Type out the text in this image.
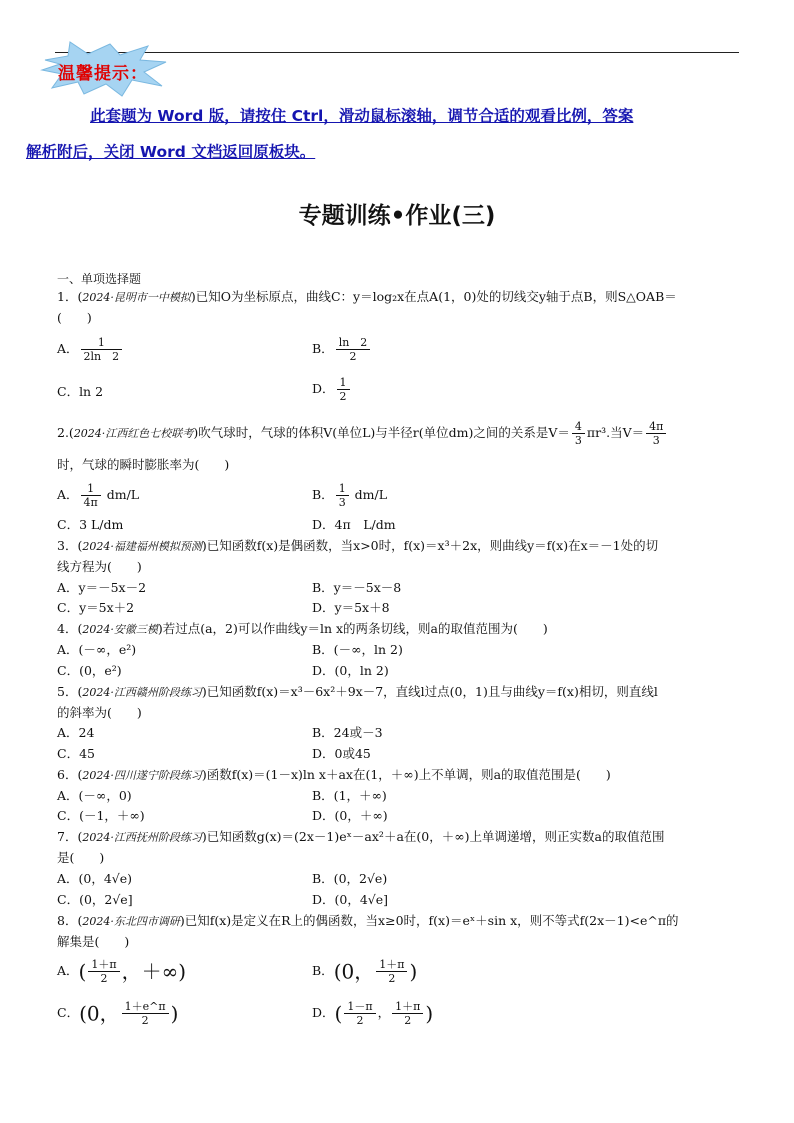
温馨提示：
此套题为 Word 版，请按住 Ctrl，滑动鼠标滚轴，调节合适的观看比例，答案
解析附后，关闭 Word 文档返回原板块。
专题训练•作业(三)
一、单项选择题
1．(2024·昆明市一中模拟)已知O为坐标原点，曲线C：y＝log₂x在点A(1，0)处的切线交y轴于点B，则S△OAB＝
(　　)
A． $\frac{1}{2\ln 2}$	B． $\frac{\ln 2}{2}$
C．ln 2	D． $\frac{1}{2}$
2.(2024·江西红色七校联考)吹气球时，气球的体积V(单位L)与半径r(单位dm)之间的关系是$V= \frac{4}{3} \pi r^3$.当$V= \frac{4\pi}{3}$

时，气球的瞬时膨胀率为(　　)
A． $\frac{1}{4\pi} dm/L$	B． $\frac{1}{3} dm/L$
C．3 L/dm	D．4π　L/dm
3．(2024·福建福州模拟预测)已知函数f(x)是偶函数，当x>0时，f(x)＝x³＋2x，则曲线y＝f(x)在x＝－1处的切
线方程为(　　)
A．y＝－5x－2	B．y＝－5x－8
C．y＝5x＋2	D．y＝5x＋8
4．(2024·安徽三模)若过点(a，2)可以作曲线y＝ln x的两条切线，则a的取值范围为(　　)
A．(－∞，e²)	B．(－∞，ln 2)
C．(0，e²)	D．(0，ln 2)
5．(2024·江西赣州阶段练习)已知函数f(x)＝x³－6x²＋9x－7，直线l过点(0，1)且与曲线y＝f(x)相切，则直线l
的斜率为(　　)
A．24	B．24或－3
C．45	D．0或45
6．(2024·四川遂宁阶段练习)函数f(x)＝(1－x)ln x＋ax在(1，＋∞)上不单调，则a的取值范围是(　　)
A．(－∞，0)	B．(1，＋∞)
C．(－1，＋∞)	D．(0，＋∞)
7．(2024·江西抚州阶段练习)已知函数g(x)＝(2x－1)eˣ－ax²＋a在(0，＋∞)上单调递增，则正实数a的取值范围
是(　　)
A．(0，4√e)	B．(0，2√e)
C．(0，2√e]	D．(0，4√e]
8．(2024·东北四市调研)已知f(x)是定义在R上的偶函数，当x≥0时，f(x)＝eˣ＋sin x，则不等式f(2x－1)<e^π的
解集是(　　)
A．( $\frac{1+\pi}{2}$ ，＋∞)	B．(0， $\frac{1+\pi}{2}$ )
C．(0， $\frac{1+e\^{}\pi}{2}$ )	D．( $\frac{1-\pi}{2}$ ， $\frac{1+\pi}{2}$ )
